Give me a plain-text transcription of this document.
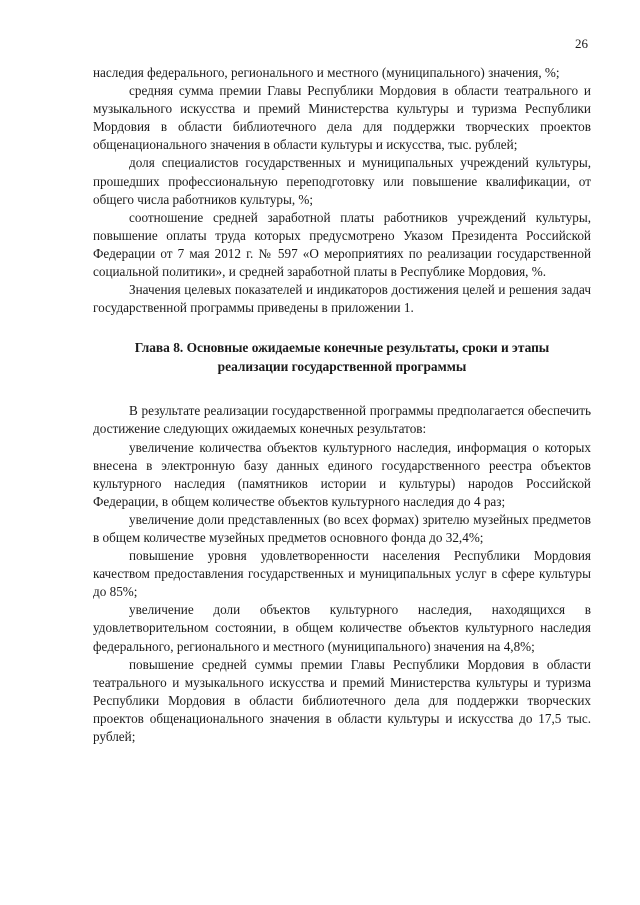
26

наследия федерального, регионального и местного (муниципального) значения, %;

средняя сумма премии Главы Республики Мордовия в области театрального и музыкального искусства и премий Министерства культуры и туризма Республики Мордовия в области библиотечного дела для поддержки творческих проектов общенационального значения в области культуры и искусства, тыс. рублей;

доля специалистов государственных и муниципальных учреждений культуры, прошедших профессиональную переподготовку или повышение квалификации, от общего числа работников культуры, %;

соотношение средней заработной платы работников учреждений культуры, повышение оплаты труда которых предусмотрено Указом Президента Российской Федерации от 7 мая 2012 г. № 597 «О мероприятиях по реализации государственной социальной политики», и средней заработной платы в Республике Мордовия, %.

Значения целевых показателей и индикаторов достижения целей и решения задач государственной программы приведены в приложении 1.

Глава 8. Основные ожидаемые конечные результаты, сроки и этапы
реализации государственной программы

В результате реализации государственной программы предполагается обеспечить достижение следующих ожидаемых конечных результатов:

увеличение количества объектов культурного наследия, информация о которых внесена в электронную базу данных единого государственного реестра объектов культурного наследия (памятников истории и культуры) народов Российской Федерации, в общем количестве объектов культурного наследия до 4 раз;

увеличение доли представленных (во всех формах) зрителю музейных предметов в общем количестве музейных предметов основного фонда до 32,4%;

повышение уровня удовлетворенности населения Республики Мордовия качеством предоставления государственных и муниципальных услуг в сфере культуры до 85%;

увеличение доли объектов культурного наследия, находящихся в удовлетворительном состоянии, в общем количестве объектов культурного наследия федерального, регионального и местного (муниципального) значения на 4,8%;

повышение средней суммы премии Главы Республики Мордовия в области театрального и музыкального искусства и премий Министерства культуры и туризма Республики Мордовия в области библиотечного дела для поддержки творческих проектов общенационального значения в области культуры и искусства до 17,5 тыс. рублей;
